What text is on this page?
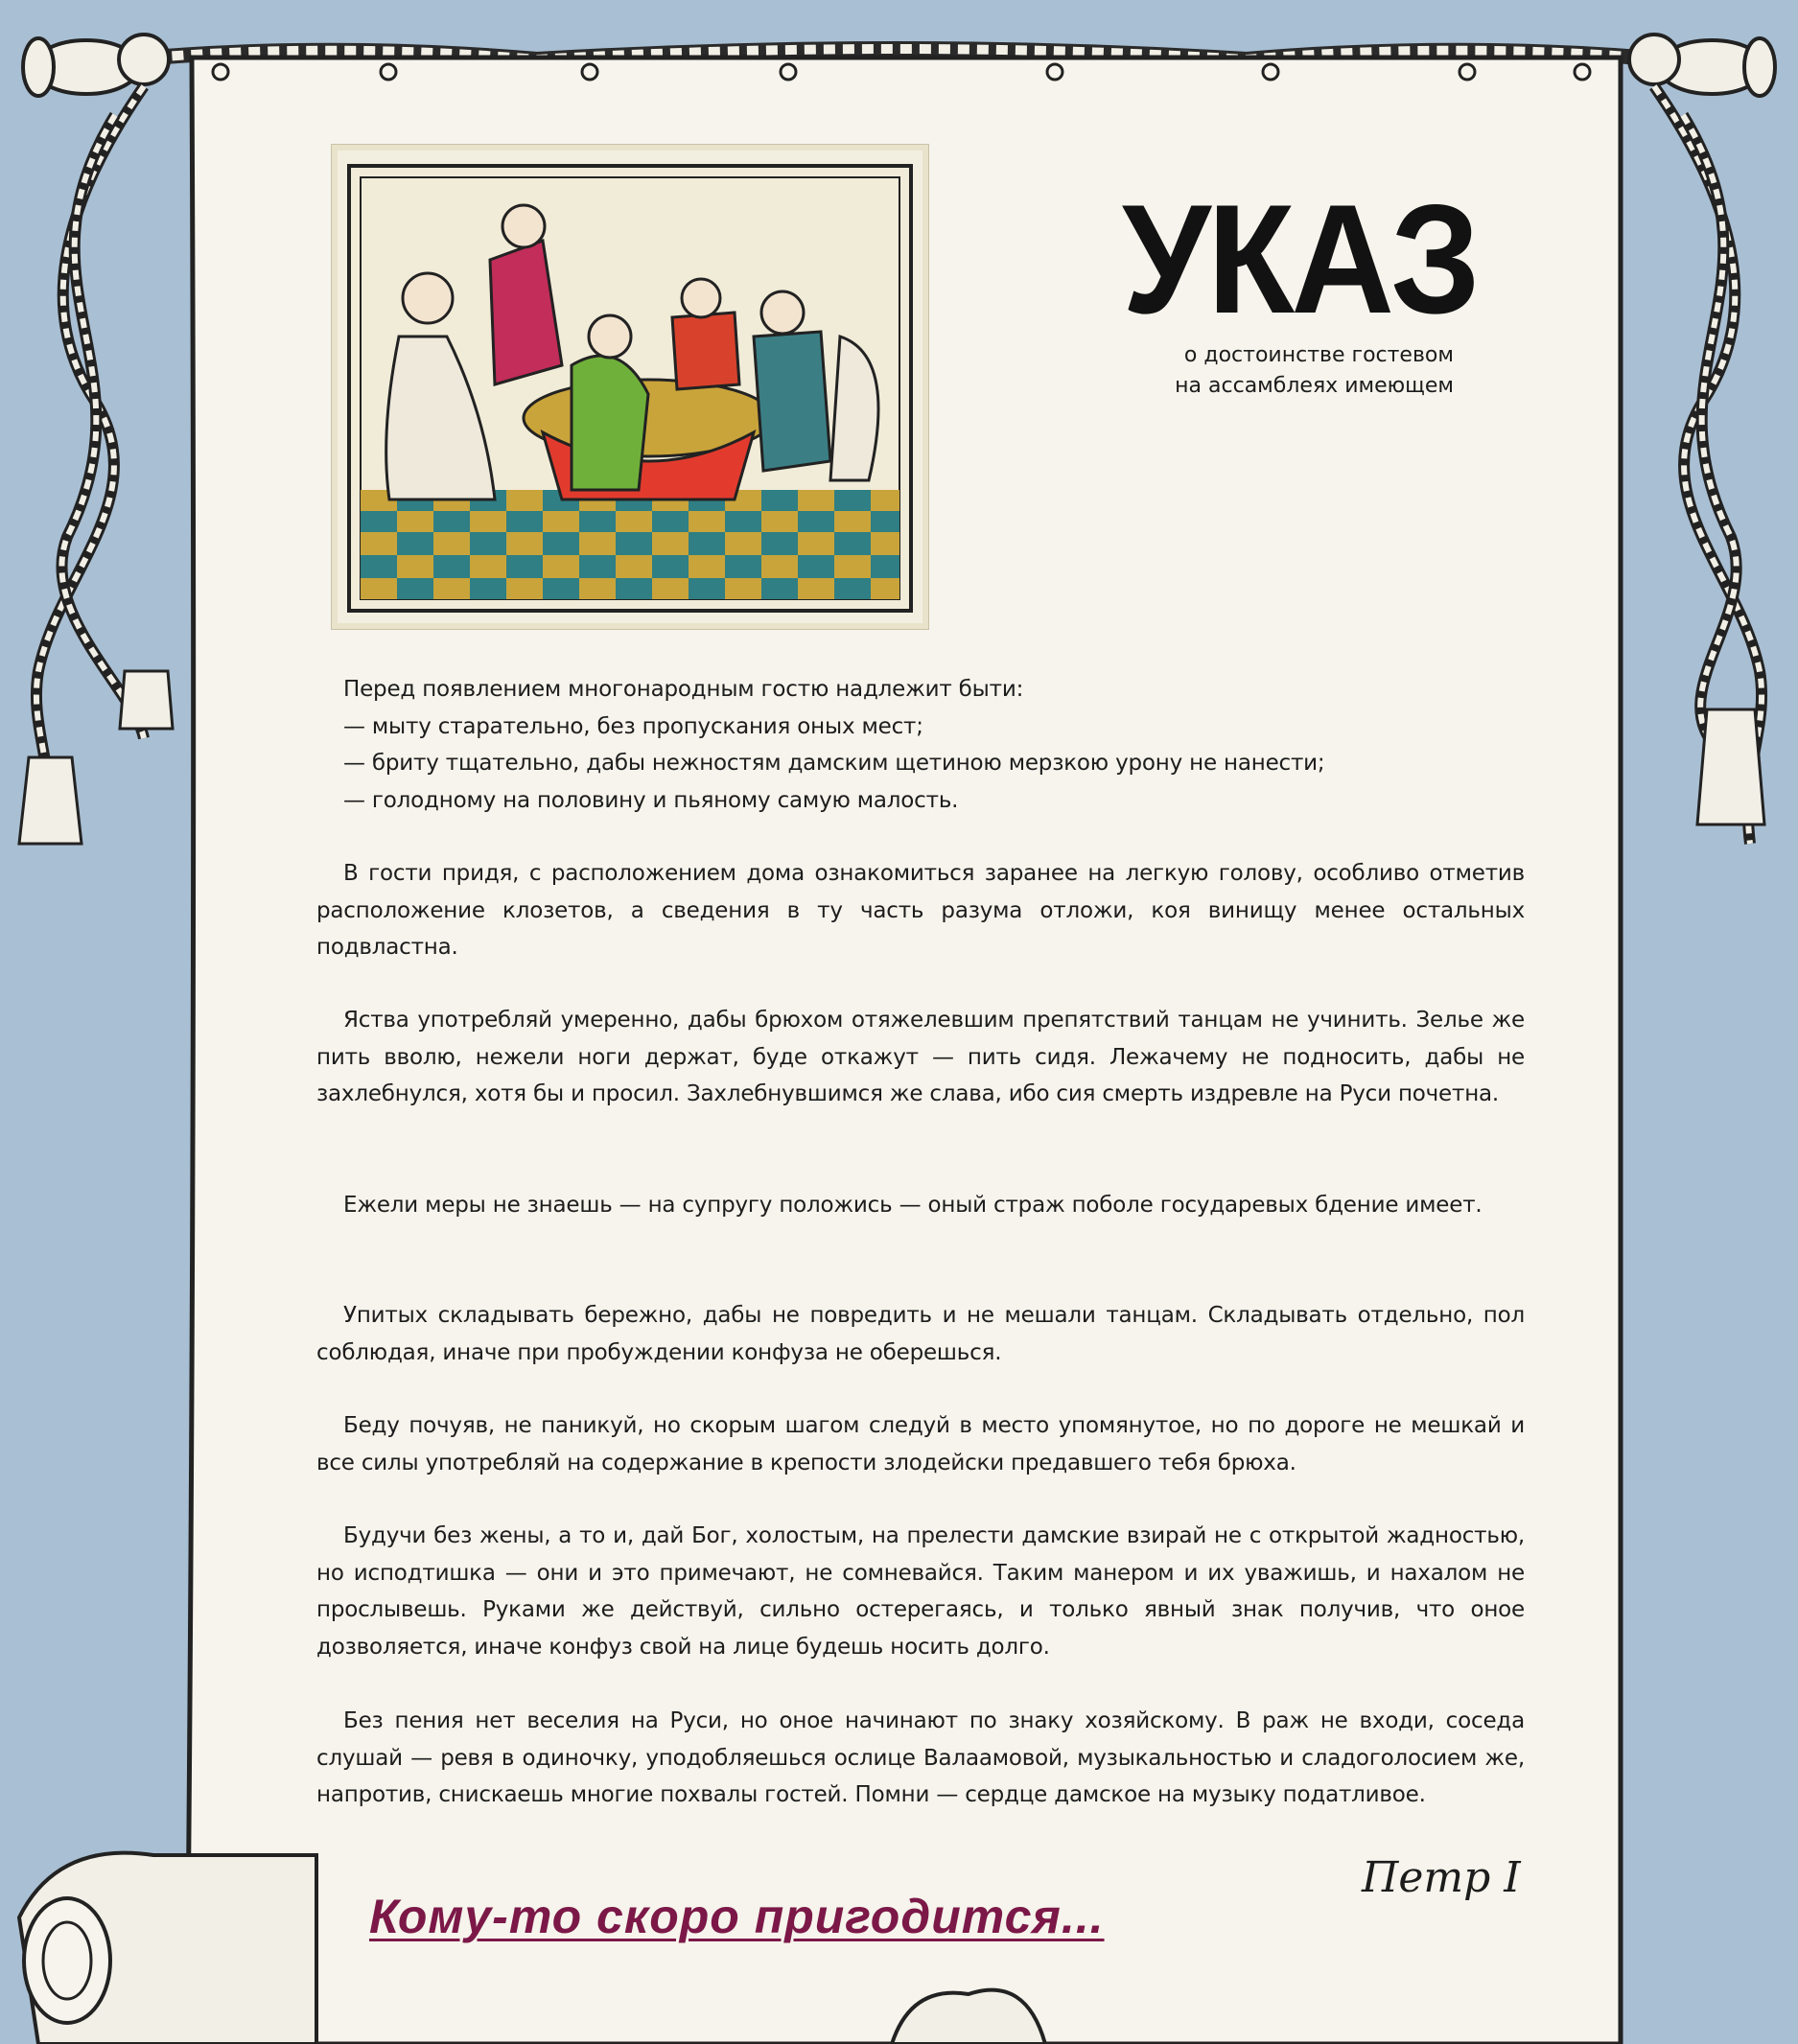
УКАЗ
о достоинстве гостевом
на ассамблеях имеющем
Перед появлением многонародным гостю надлежит быти:
— мыту старательно, без пропускания оных мест;
— бриту тщательно, дабы нежностям дамским щетиною мерзкою урону не нанести;
— голодному на половину и пьяному самую малость.

В гости придя, с расположением дома ознакомиться заранее на легкую голову, особливо отметив расположение клозетов, а сведения в ту часть разума отложи, коя винищу менее остальных подвластна.

Яства употребляй умеренно, дабы брюхом отяжелевшим препятствий танцам не учинить. Зелье же пить вволю, нежели ноги держат, буде откажут — пить сидя. Лежачему не подносить, дабы не захлебнулся, хотя бы и просил. Захлебнувшимся же слава, ибо сия смерть издревле на Руси почетна.

Ежели меры не знаешь — на супругу положись — оный страж поболе государевых бдение имеет.

Упитых складывать бережно, дабы не повредить и не мешали танцам. Складывать отдельно, пол соблюдая, иначе при пробуждении конфуза не оберешься.

Беду почуяв, не паникуй, но скорым шагом следуй в место упомянутое, но по дороге не мешкай и все силы употребляй на содержание в крепости злодейски предавшего тебя брюха.

Будучи без жены, а то и, дай Бог, холостым, на прелести дамские взирай не с открытой жадностью, но исподтишка — они и это примечают, не сомневайся. Таким манером и их уважишь, и нахалом не прослывешь. Руками же действуй, сильно остерегаясь, и только явный знак получив, что оное дозволяется, иначе конфуз свой на лице будешь носить долго.

Без пения нет веселия на Руси, но оное начинают по знаку хозяйскому. В раж не входи, соседа слушай — ревя в одиночку, уподобляешься ослице Валаамовой, музыкальностью и сладоголосием же, напротив, снискаешь многие похвалы гостей. Помни — сердце дамское на музыку податливое.

Петр I
Кому-то скоро пригодится...
